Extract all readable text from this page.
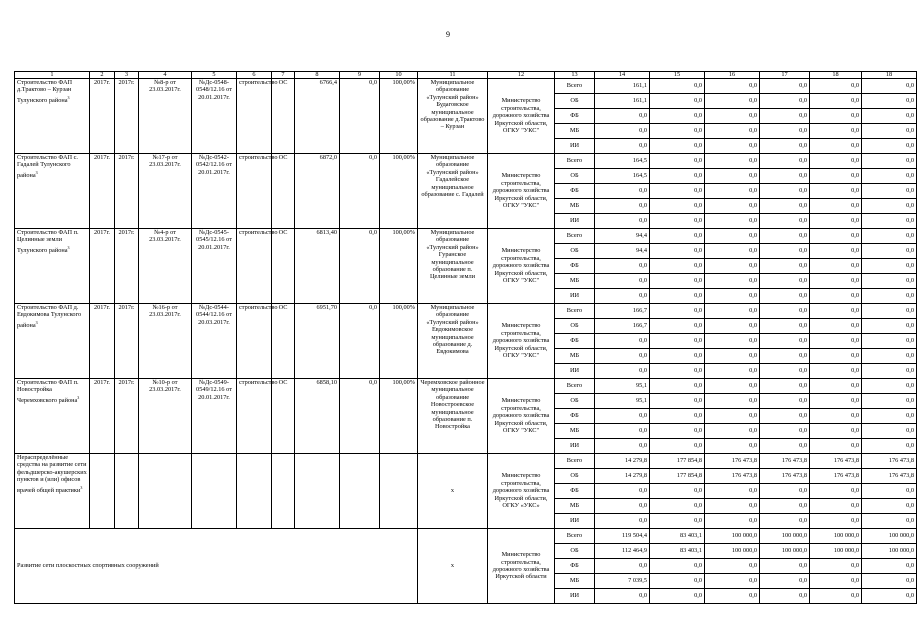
9
1	2	3	4	5	6	7	8	9	10	11	12	13	14	15	16	17	18	18
Строительство ФАП д.Трактово – Курзан Тулунского района$^3$	2017г.	2017г.	№8-р от 23.03.2017г.	№Дс-0548-0548/12.16 от 20.01.2017г.	строительство	ОС	6766,4	0,0	100,00%	Муниципальное образование «Тулунский район» Будаговское муниципальное образование д.Трактово – Курзан	Министерство строительства, дорожного хозяйства Иркутской области, ОГКУ "УКС"	Всего	161,1	0,0	0,0	0,0	0,0	0,0
												ОБ	161,1	0,0	0,0	0,0	0,0	0,0
												ФБ	0,0	0,0	0,0	0,0	0,0	0,0
												МБ	0,0	0,0	0,0	0,0	0,0	0,0
												ИИ	0,0	0,0	0,0	0,0	0,0	0,0
Строительство ФАП с. Гадалей Тулунского района$^3$	2017г.	2017г.	№17-р от 23.03.2017г.	№Дс-0542-0542/12.16 от 20.01.2017г.	строительство	ОС	6872,0	0,0	100,00%	Муниципальное образование «Тулунский район» Гадалейское муниципальное образование с. Гадалей	Министерство строительства, дорожного хозяйства Иркутской области, ОГКУ "УКС"	Всего	164,5	0,0	0,0	0,0	0,0	0,0
												ОБ	164,5	0,0	0,0	0,0	0,0	0,0
												ФБ	0,0	0,0	0,0	0,0	0,0	0,0
												МБ	0,0	0,0	0,0	0,0	0,0	0,0
												ИИ	0,0	0,0	0,0	0,0	0,0	0,0
Строительство ФАП п. Целинные земли Тулунского района$^3$	2017г.	2017г.	№4-р от 23.03.2017г.	№Дс-0545-0545/12.16 от 20.01.2017г.	строительство	ОС	6813,40	0,0	100,00%	Муниципальное образование «Тулунский район» Гуранское муниципальное образование п. Целинные земли	Министерство строительства, дорожного хозяйства Иркутской области, ОГКУ "УКС"	Всего	94,4	0,0	0,0	0,0	0,0	0,0
												ОБ	94,4	0,0	0,0	0,0	0,0	0,0
												ФБ	0,0	0,0	0,0	0,0	0,0	0,0
												МБ	0,0	0,0	0,0	0,0	0,0	0,0
												ИИ	0,0	0,0	0,0	0,0	0,0	0,0
Строительство ФАП д. Евдокимова Тулунского района$^3$	2017г.	2017г.	№16-р от 23.03.2017г.	№Дс-0544-0544/12.16 от 20.03.2017г.	строительство	ОС	6951,70	0,0	100,00%	Муниципальное образование «Тулунский район» Евдокимовское муниципальное образование д. Евдокимова	Министерство строительства, дорожного хозяйства Иркутской области, ОГКУ "УКС"	Всего	166,7	0,0	0,0	0,0	0,0	0,0
												ОБ	166,7	0,0	0,0	0,0	0,0	0,0
												ФБ	0,0	0,0	0,0	0,0	0,0	0,0
												МБ	0,0	0,0	0,0	0,0	0,0	0,0
												ИИ	0,0	0,0	0,0	0,0	0,0	0,0
Строительство ФАП п. Новостройка Черемховского района$^3$	2017г.	2017г.	№10-р от 23.03.2017г.	№Дс-0549-0549/12.16 от 20.01.2017г.	строительство	ОС	6858,10	0,0	100,00%	Черемховское районное муниципальное образование Новостроевское муниципальное образование п. Новостройка	Министерство строительства, дорожного хозяйства Иркутской области, ОГКУ "УКС"	Всего	95,1	0,0	0,0	0,0	0,0	0,0
												ОБ	95,1	0,0	0,0	0,0	0,0	0,0
												ФБ	0,0	0,0	0,0	0,0	0,0	0,0
												МБ	0,0	0,0	0,0	0,0	0,0	0,0
												ИИ	0,0	0,0	0,0	0,0	0,0	0,0
Нераспределённые средства на развитие сети фельдшерско-акушерских пунктов и (или) офисов врачей общей практики$^3$										х	Министерство строительства, дорожного хозяйства Иркутской области, ОГКУ «УКС»	Всего	14 279,8	177 854,8	176 473,8	176 473,8	176 473,8	176 473,8
												ОБ	14 279,8	177 854,8	176 473,8	176 473,8	176 473,8	176 473,8
												ФБ	0,0	0,0	0,0	0,0	0,0	0,0
												МБ	0,0	0,0	0,0	0,0	0,0	0,0
												ИИ	0,0	0,0	0,0	0,0	0,0	0,0
Развитие сети плоскостных спортивных сооружений										х	Министерство строительства, дорожного хозяйства Иркутской области	Всего	119 504,4	83 403,1	100 000,0	100 000,0	100 000,0	100 000,0
												ОБ	112 464,9	83 403,1	100 000,0	100 000,0	100 000,0	100 000,0
												ФБ	0,0	0,0	0,0	0,0	0,0	0,0
												МБ	7 039,5	0,0	0,0	0,0	0,0	0,0
												ИИ	0,0	0,0	0,0	0,0	0,0	0,0
